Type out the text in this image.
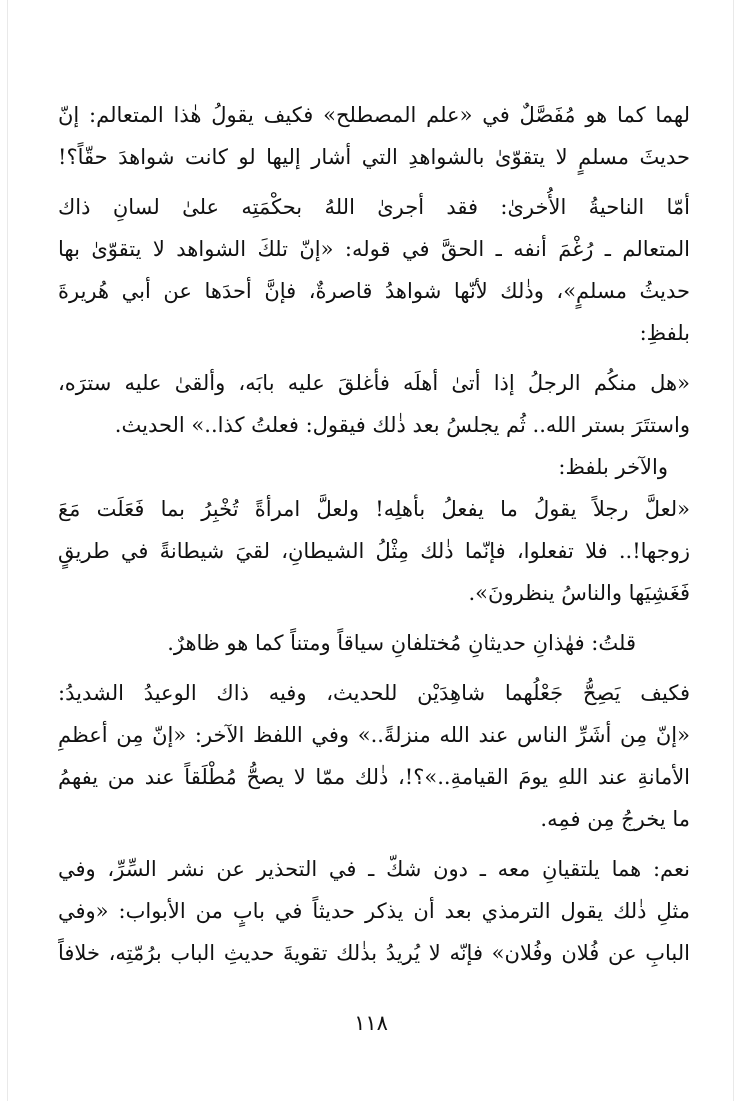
لهما كما هو مُفَصَّلٌ في «علم المصطلح» فكيف يقولُ هٰذا المتعالم: إنّ
حديثَ مسلمٍ لا يتقوّىٰ بالشواهدِ التي أشار إليها لو كانت شواهدَ حقّاً؟!
أمّا الناحيةُ الأُخرىٰ: فقد أجرىٰ اللهُ بحكْمَتِه علىٰ لسانِ ذاك
المتعالم ـ رُغْمَ أنفه ـ الحقَّ في قوله: «إنّ تلكَ الشواهد لا يتقوّىٰ بها
حديثُ مسلمٍ»، وذٰلك لأنّها شواهدُ قاصرةٌ، فإنَّ أحدَها عن أبي هُريرةَ
بلفظِ:
«هل منكُم الرجلُ إذا أتىٰ أهلَه فأغلقَ عليه بابَه، وألقىٰ عليه سترَه،
واستتَرَ بستر الله.. ثُم يجلسُ بعد ذٰلك فيقول: فعلتُ كذا..» الحديث.
والآخر بلفظ:
«لعلَّ رجلاً يقولُ ما يفعلُ بأهلِه! ولعلَّ امرأةً تُخْبِرُ بما فَعَلَت مَعَ
زوجها!.. فلا تفعلوا، فإنّما ذٰلك مِثْلُ الشيطانِ، لقيَ شيطانةً في طريقٍ
فَغَشِيَها والناسُ ينظرونَ».
قلتُ: فهٰذانِ حديثانِ مُختلفانِ سياقاً ومتناً كما هو ظاهرٌ.
فكيف يَصِحُّ جَعْلُهما شاهِدَيْن للحديث، وفيه ذاك الوعيدُ الشديدُ:
«إنّ مِن أشَرِّ الناس عند الله منزلةً..» وفي اللفظ الآخر: «إنّ مِن أعظمِ
الأمانةِ عند اللهِ يومَ القيامةِ..»؟!، ذٰلك ممّا لا يصحُّ مُطْلَقاً عند من يفهمُ
ما يخرجُ مِن فمِه.
نعم: هما يلتقيانِ معه ـ دون شكّ ـ في التحذير عن نشر السِّرِّ، وفي
مثلِ ذٰلك يقول الترمذي بعد أن يذكر حديثاً في بابٍ من الأبواب: «وفي
البابِ عن فُلان وفُلان» فإنّه لا يُريدُ بذٰلك تقويةَ حديثِ الباب برُمّتِه، خلافاً
١١٨
